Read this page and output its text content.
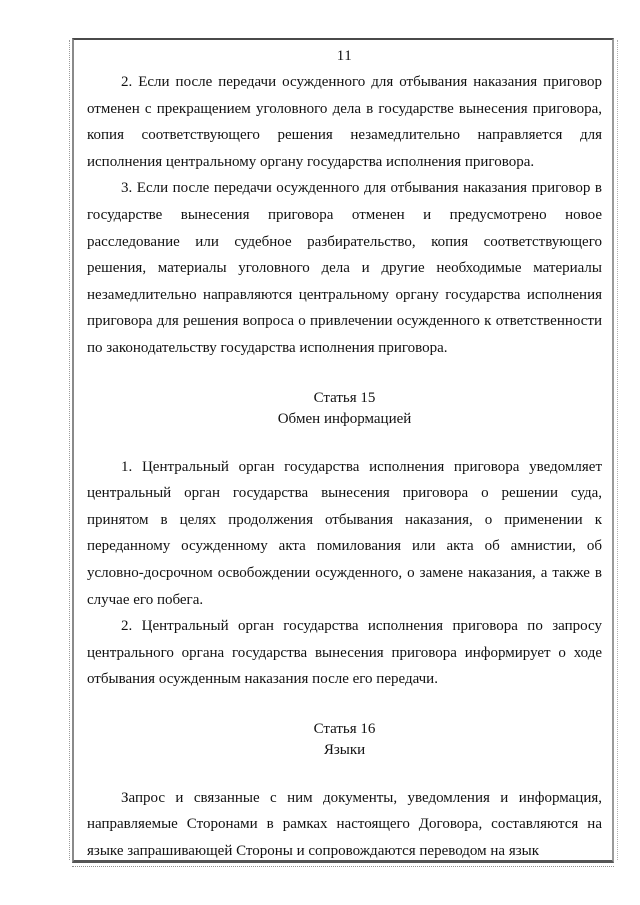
11

2. Если после передачи осужденного для отбывания наказания приговор отменен с прекращением уголовного дела в государстве вынесения приговора, копия соответствующего решения незамедлительно направляется для исполнения центральному органу государства исполнения приговора.

3. Если после передачи осужденного для отбывания наказания приговор в государстве вынесения приговора отменен и предусмотрено новое расследование или судебное разбирательство, копия соответствующего решения, материалы уголовного дела и другие необходимые материалы незамедлительно направляются центральному органу государства исполнения приговора для решения вопроса о привлечении осужденного к ответственности по законодательству государства исполнения приговора.

Статья 15
Обмен информацией

1. Центральный орган государства исполнения приговора уведомляет центральный орган государства вынесения приговора о решении суда, принятом в целях продолжения отбывания наказания, о применении к переданному осужденному акта помилования или акта об амнистии, об условно-досрочном освобождении осужденного, о замене наказания, а также в случае его побега.

2. Центральный орган государства исполнения приговора по запросу центрального органа государства вынесения приговора информирует о ходе отбывания осужденным наказания после его передачи.

Статья 16
Языки

Запрос и связанные с ним документы, уведомления и информация, направляемые Сторонами в рамках настоящего Договора, составляются на языке запрашивающей Стороны и сопровождаются переводом на язык
